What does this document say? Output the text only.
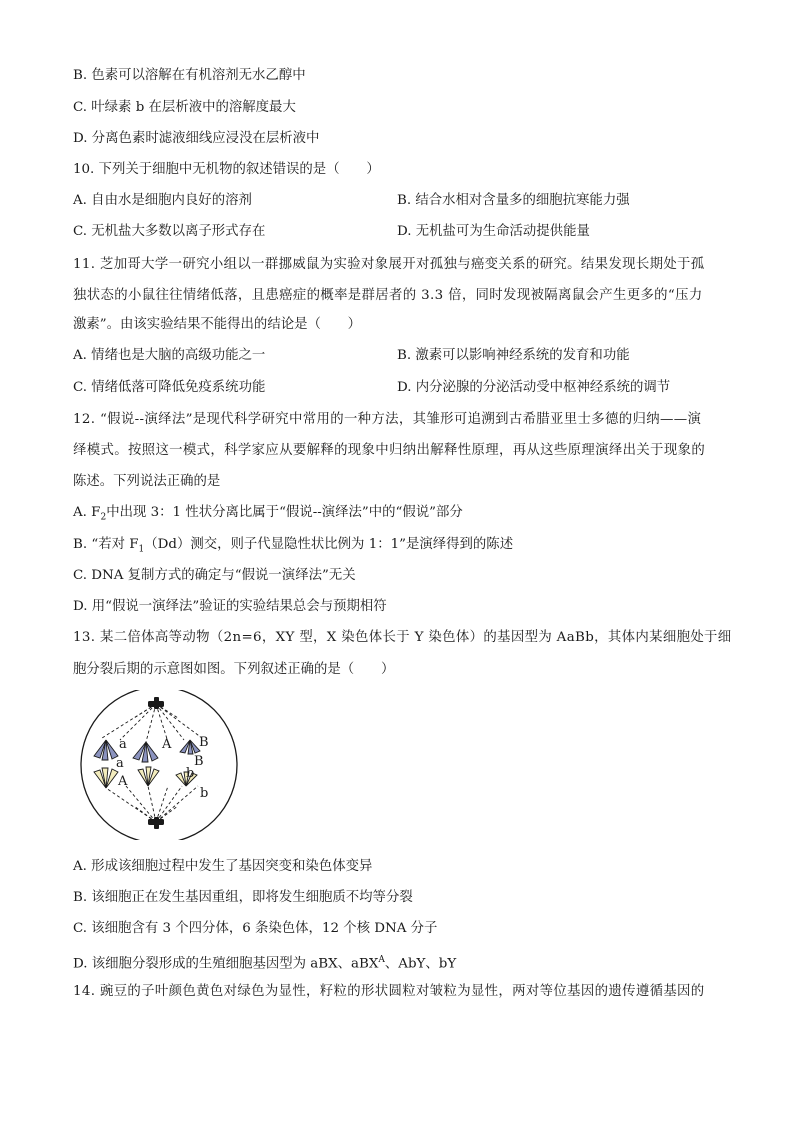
B. 色素可以溶解在有机溶剂无水乙醇中
C. 叶绿素 b 在层析液中的溶解度最大
D. 分离色素时滤液细线应浸没在层析液中
10. 下列关于细胞中无机物的叙述错误的是（　　）
A. 自由水是细胞内良好的溶剂	B. 结合水相对含量多的细胞抗寒能力强
C. 无机盐大多数以离子形式存在	D. 无机盐可为生命活动提供能量
11. 芝加哥大学一研究小组以一群挪威鼠为实验对象展开对孤独与癌变关系的研究。结果发现长期处于孤
独状态的小鼠往往情绪低落，且患癌症的概率是群居者的 3.3 倍，同时发现被隔离鼠会产生更多的“压力
激素”。由该实验结果不能得出的结论是（　　）
A. 情绪也是大脑的高级功能之一	B. 激素可以影响神经系统的发育和功能
C. 情绪低落可降低免疫系统功能	D. 内分泌腺的分泌活动受中枢神经系统的调节
12. “假说--演绎法”是现代科学研究中常用的一种方法，其雏形可追溯到古希腊亚里士多德的归纳——演
绎模式。按照这一模式，科学家应从要解释的现象中归纳出解释性原理，再从这些原理演绎出关于现象的
陈述。下列说法正确的是
A. $F_2$中出现 3：1 性状分离比属于“假说--演绎法”中的“假说”部分
B. “若对 $F_1(Dd)$测交，则子代显隐性状比例为 1：1”是演绎得到的陈述
C. DNA 复制方式的确定与“假说一演绎法”无关
D. 用“假说一演绎法”验证的实验结果总会与预期相符
13. 某二倍体高等动物（2n=6，XY 型，X 染色体长于 Y 染色体）的基因型为 AaBb，其体内某细胞处于细
胞分裂后期的示意图如图。下列叙述正确的是（　　）
a	A B
B
a
A
b
b
A. 形成该细胞过程中发生了基因突变和染色体变异
B. 该细胞正在发生基因重组，即将发生细胞质不均等分裂
C. 该细胞含有 3 个四分体，6 条染色体，12 个核 DNA 分子
D. 该细胞分裂形成的生殖细胞基因型为 aBX、aBX$^A$、AbY、bY
14. 豌豆的子叶颜色黄色对绿色为显性，籽粒的形状圆粒对皱粒为显性，两对等位基因的遗传遵循基因的
